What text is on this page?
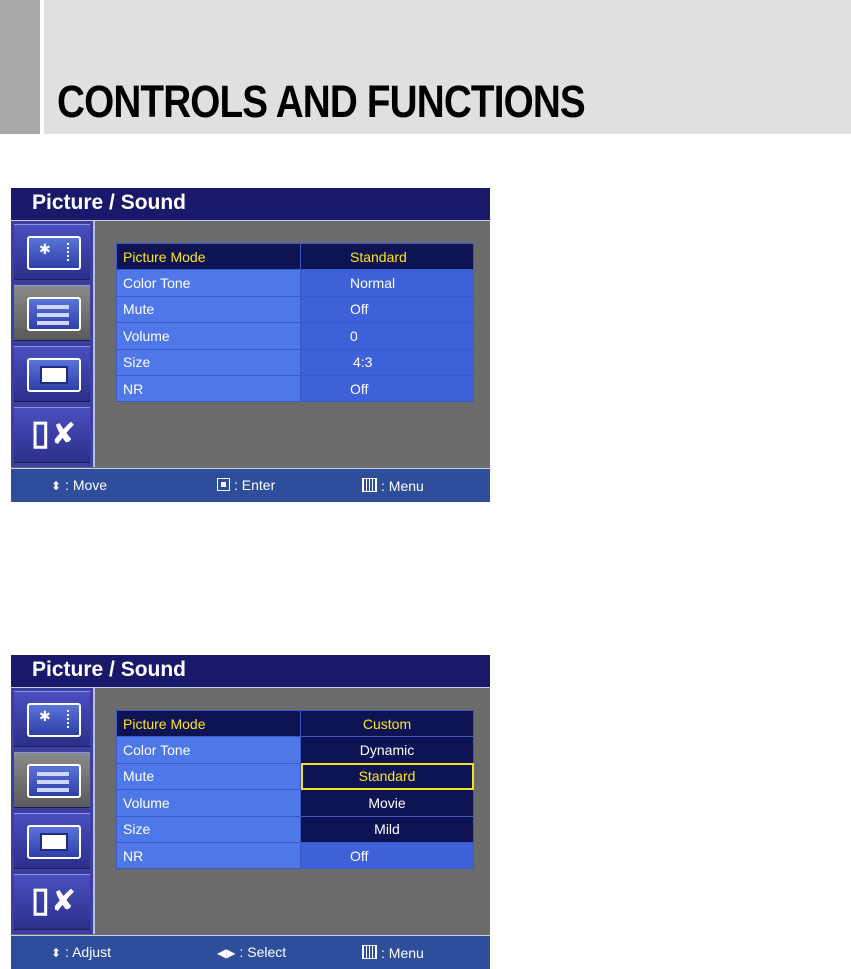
CONTROLS AND FUNCTIONS
Picture / Sound
✱
▯ ✘
Picture Mode	Standard
Color Tone	Normal
Mute	Off
Volume	0
Size	4:3
NR	Off
⬍ : Move	: Enter	: Menu
Picture / Sound
✱
▯ ✘
Picture Mode	Custom
Color Tone	Dynamic
Mute	Standard
Volume	Movie
Size	Mild
NR	Off
⬍ : Adjust	◀▶ : Select	: Menu
